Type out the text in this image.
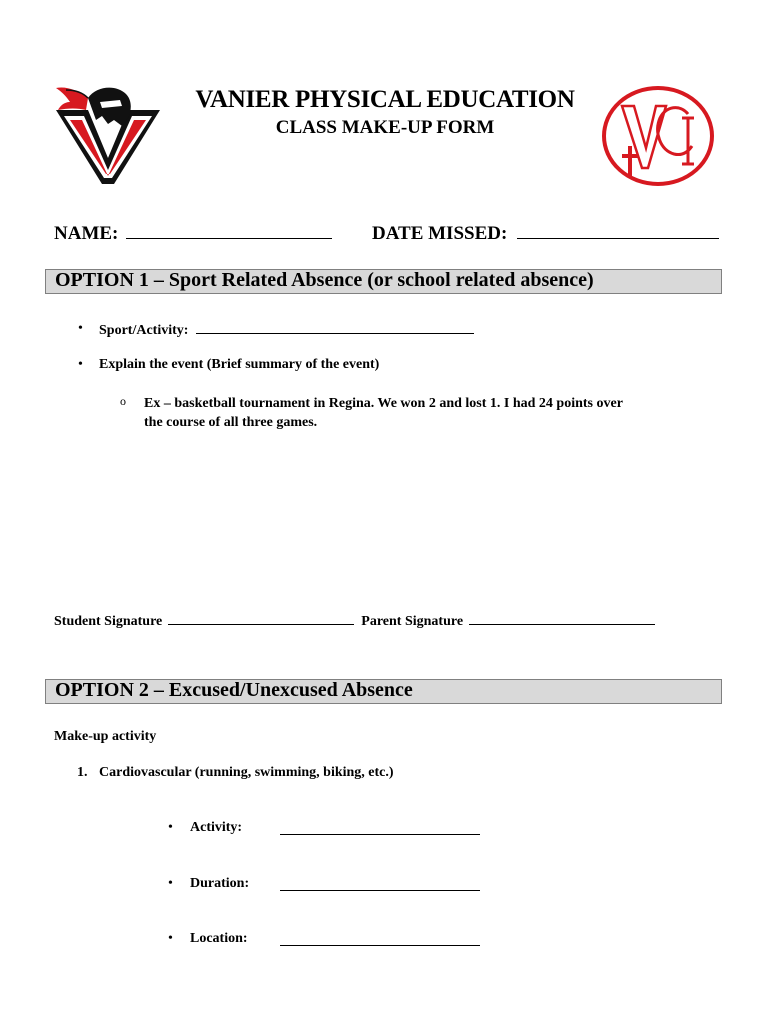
VANIER PHYSICAL EDUCATION
CLASS MAKE-UP FORM
NAME:	DATE MISSED:
OPTION 1 – Sport Related Absence (or school related absence)
• Sport/Activity:
• Explain the event (Brief summary of the event)
o Ex – basketball tournament in Regina. We won 2 and lost 1. I had 24 points over
the course of all three games.
Student Signature	Parent Signature
OPTION 2 – Excused/Unexcused Absence
Make-up activity
1. Cardiovascular (running, swimming, biking, etc.)
• Activity:
• Duration:
• Location:
